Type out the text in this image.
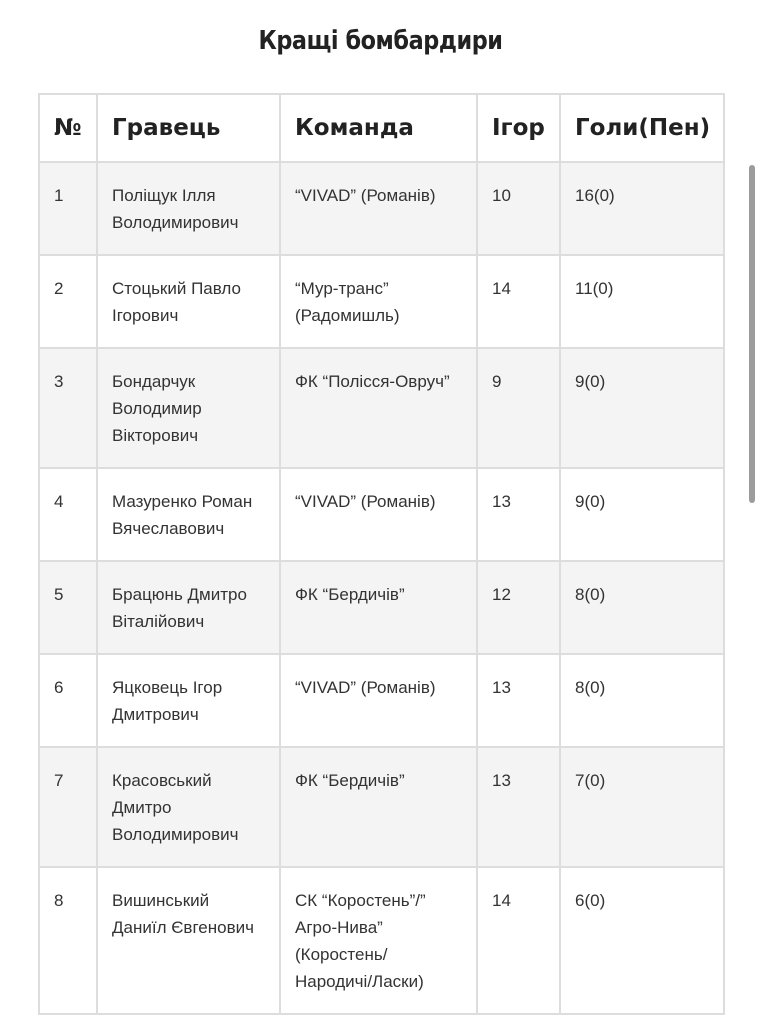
Кращі бомбардири
№	Гравець	Команда	Ігор	Голи(Пен)
1	Поліщук Ілля Володимирович	“VIVAD” (Романів)	10	16(0)
2	Стоцький Павло Ігорович	“Мур-транс” (Радомишль)	14	11(0)
3	Бондарчук Володимир Вікторович	ФК “Полісся-Овруч”	9	9(0)
4	Мазуренко Роман Вячеславович	“VIVAD” (Романів)	13	9(0)
5	Брацюнь Дмитро Віталійович	ФК “Бердичів”	12	8(0)
6	Яцковець Ігор Дмитрович	“VIVAD” (Романів)	13	8(0)
7	Красовський Дмитро Володимирович	ФК “Бердичів”	13	7(0)
8	Вишинський Даниїл Євгенович	СК “Коростень”/” Агро-Нива” (Коростень/ Народичі/Ласки)	14	6(0)
